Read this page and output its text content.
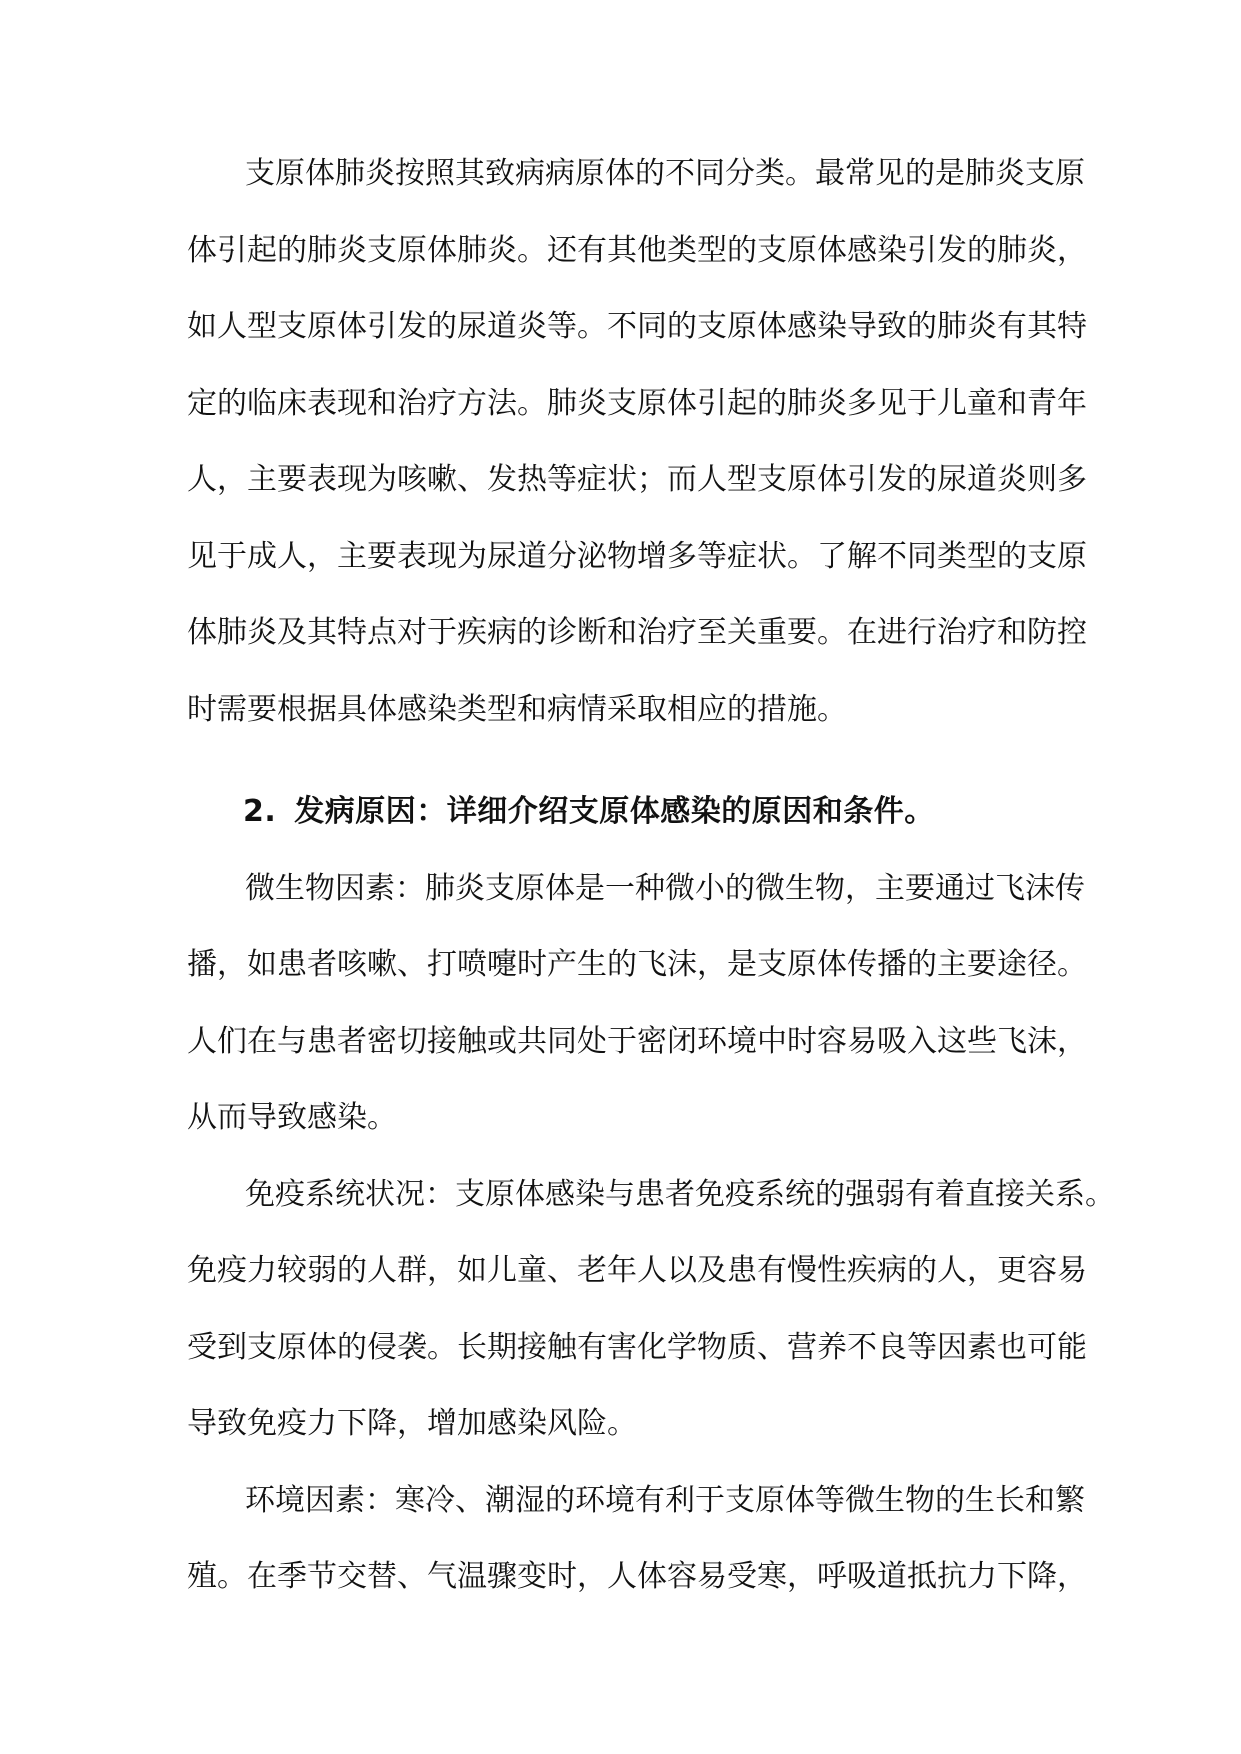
支原体肺炎按照其致病病原体的不同分类。最常见的是肺炎支原
体引起的肺炎支原体肺炎。还有其他类型的支原体感染引发的肺炎，
如人型支原体引发的尿道炎等。不同的支原体感染导致的肺炎有其特
定的临床表现和治疗方法。肺炎支原体引起的肺炎多见于儿童和青年
人，主要表现为咳嗽、发热等症状；而人型支原体引发的尿道炎则多
见于成人，主要表现为尿道分泌物增多等症状。了解不同类型的支原
体肺炎及其特点对于疾病的诊断和治疗至关重要。在进行治疗和防控
时需要根据具体感染类型和病情采取相应的措施。
2. 发病原因：详细介绍支原体感染的原因和条件。
微生物因素：肺炎支原体是一种微小的微生物，主要通过飞沫传
播，如患者咳嗽、打喷嚏时产生的飞沫，是支原体传播的主要途径。
人们在与患者密切接触或共同处于密闭环境中时容易吸入这些飞沫，
从而导致感染。
免疫系统状况：支原体感染与患者免疫系统的强弱有着直接关系。
免疫力较弱的人群，如儿童、老年人以及患有慢性疾病的人，更容易
受到支原体的侵袭。长期接触有害化学物质、营养不良等因素也可能
导致免疫力下降，增加感染风险。
环境因素：寒冷、潮湿的环境有利于支原体等微生物的生长和繁
殖。在季节交替、气温骤变时，人体容易受寒，呼吸道抵抗力下降，
